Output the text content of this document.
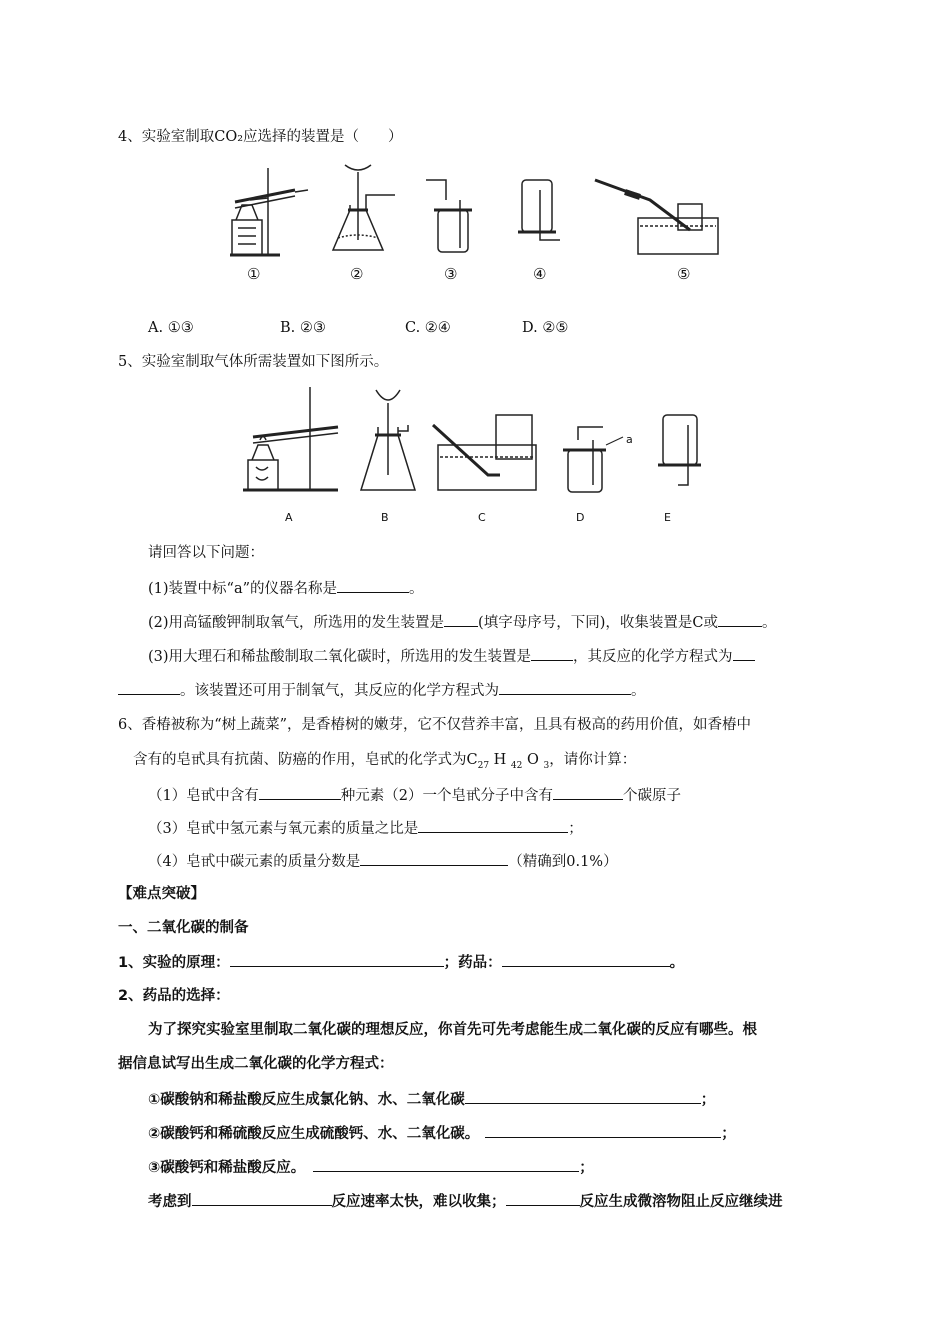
4、实验室制取CO₂应选择的装置是（　　）
①	②	③	④	⑤
A. ①③	B. ②③	C. ②④	D. ②⑤
5、实验室制取气体所需装置如下图所示。
a
A	B	C	D	E
请回答以下问题：
(1)装置中标“a”的仪器名称是	。
(2)用高锰酸钾制取氧气，所选用的发生装置是 (填字母序号，下同)，收集装置是C或	。
(3)用大理石和稀盐酸制取二氧化碳时，所选用的发生装置是	，其反应的化学方程式为
。该装置还可用于制氧气，其反应的化学方程式为	。
6、香椿被称为“树上蔬菜”，是香椿树的嫩芽，它不仅营养丰富，且具有极高的药用价值，如香椿中
含有的皂甙具有抗菌、防癌的作用，皂甙的化学式为$C_{27}$ H $_{42}$ O $_3$，请你计算：
（1）皂甙中含有	种元素（2）一个皂甙分子中含有	个碳原子
（3）皂甙中氢元素与氧元素的质量之比是	；
（4）皂甙中碳元素的质量分数是	（精确到0.1%）
【难点突破】
一、二氧化碳的制备
1、实验的原理：	；药品：	。
2、药品的选择：
为了探究实验室里制取二氧化碳的理想反应，你首先可先考虑能生成二氧化碳的反应有哪些。根
据信息试写出生成二氧化碳的化学方程式：
①碳酸钠和稀盐酸反应生成氯化钠、水、二氧化碳	；
②碳酸钙和稀硫酸反应生成硫酸钙、水、二氧化碳。	；
③碳酸钙和稀盐酸反应。	；
考虑到	反应速率太快，难以收集；	反应生成微溶物阻止反应继续进
